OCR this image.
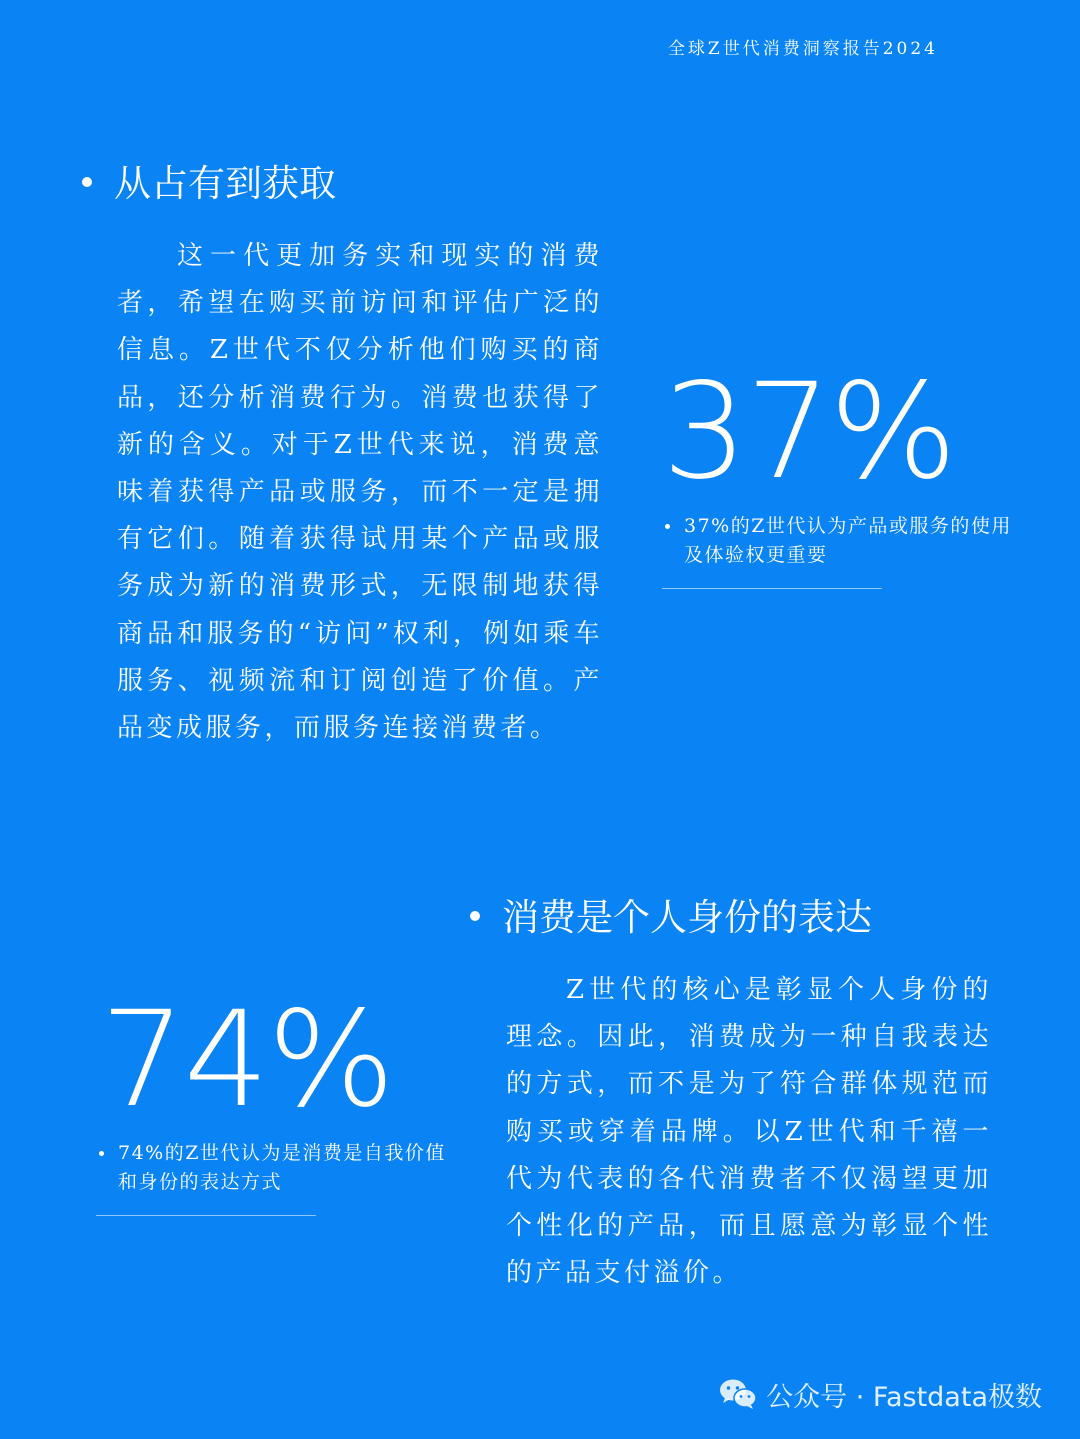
全球Z世代消费洞察报告2024
从占有到获取

这一代更加务实和现实的消费者，希望在购买前访问和评估广泛的信息。Z世代不仅分析他们购买的商品，还分析消费行为。消费也获得了新的含义。对于Z世代来说，消费意味着获得产品或服务，而不一定是拥有它们。随着获得试用某个产品或服务成为新的消费形式，无限制地获得商品和服务的“访问”权利，例如乘车服务、视频流和订阅创造了价值。产品变成服务，而服务连接消费者。

37%
37%的Z世代认为产品或服务的使用及体验权更重要
消费是个人身份的表达

Z世代的核心是彰显个人身份的理念。因此，消费成为一种自我表达的方式，而不是为了符合群体规范而购买或穿着品牌。以Z世代和千禧一代为代表的各代消费者不仅渴望更加个性化的产品，而且愿意为彰显个性的产品支付溢价。

74%
74%的Z世代认为是消费是自我价值和身份的表达方式
公众号 · Fastdata极数
